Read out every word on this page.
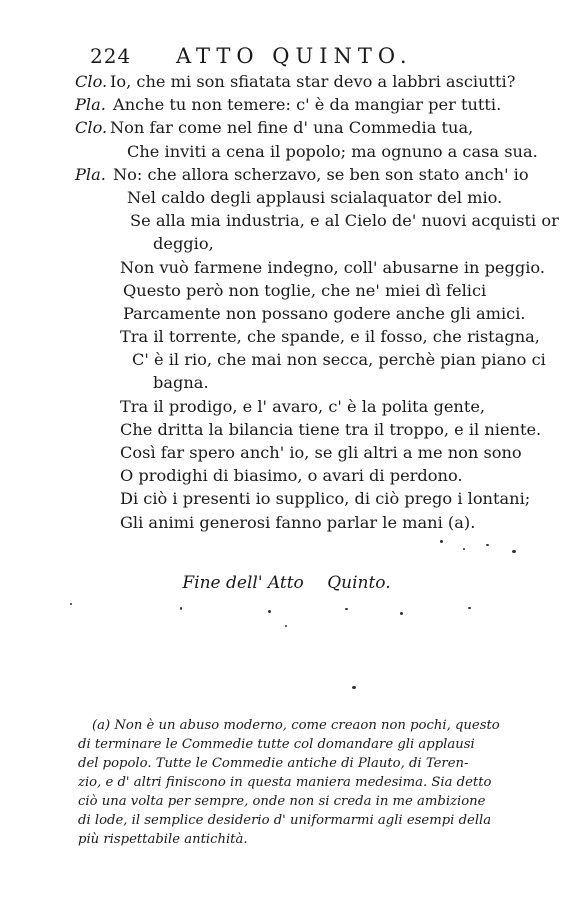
224 ATTO QUINTO.
Clo. Io, che mi son sfiatata star devo a labbri asciutti?
Pla. Anche tu non temere: c' è da mangiar per tutti.
Clo. Non far come nel fine d' una Commedia tua,
Che inviti a cena il popolo; ma ognuno a casa sua.
Pla. No: che allora scherzavo, se ben son stato anch' io
Nel caldo degli applausi scialaquator del mio.
Se alla mia industria, e al Cielo de' nuovi acquisti or
deggio,
Non vuò farmene indegno, coll' abusarne in peggio.
Questo però non toglie, che ne' miei dì felici
Parcamente non possano godere anche gli amici.
Tra il torrente, che spande, e il fosso, che ristagna,
C' è il rio, che mai non secca, perchè pian piano ci
bagna.
Tra il prodigo, e l' avaro, c' è la polita gente,
Che dritta la bilancia tiene tra il troppo, e il niente.
Così far spero anch' io, se gli altri a me non sono
O prodighi di biasimo, o avari di perdono.
Di ciò i presenti io supplico, di ciò prego i lontani;
Gli animi generosi fanno parlar le mani (a).
Fine dell' Atto Quinto.
(a) Non è un abuso moderno, come creaon non pochi, questo
di terminare le Commedie tutte col domandare gli applausi
del popolo. Tutte le Commedie antiche di Plauto, di Teren-
zio, e d' altri finiscono in questa maniera medesima. Sia detto
ciò una volta per sempre, onde non si creda in me ambizione
di lode, il semplice desiderio d' uniformarmi agli esempi della
più rispettabile antichità.
